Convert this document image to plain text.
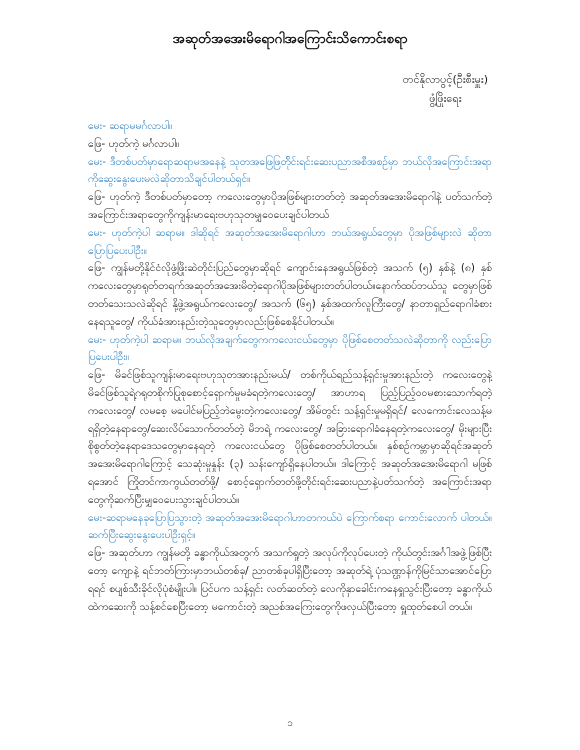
အဆုတ်အအေးမိရောဂါအကြောင်းသိကောင်းစရာ
တင်နိုလာပွင့်(ဦးစီးမှူး)
ဖွံ့ဖြိုးရေး

မေး- ဆရာမမင်္ဂလာပါ။

ဖြေ- ဟုတ်ကဲ့ မင်္ဂလာပါ။

မေး- ဒီတစ်ပတ်မှာရောဆရာမအနေနဲ့ သုတအဖြေဖြတ်ိုင်းရင်းဆေးပညာအစီအစဉ်မှာ ဘယ်လိုအကြောင်းအရာကိုဆွေးနွေးပေးမလဲဆိုတာသိချင်ပါတယ်ရှင်။

ဖြေ- ဟုတ်ကဲ့ ဒီတစ်ပတ်မှာတော့ ကလေးတွေမှာပိုအဖြစ်များတတ်တဲ့ အဆုတ်အအေးမိရောဂါနဲ့ ပတ်သက်တဲ့ အကြောင်းအရာတွေကိုကျန်းမာရေးဗဟုသုတမျှဝေပေးချင်ပါတယ်

မေး- ဟုတ်ကဲ့ပါ ဆရာမ။ ဒါဆိုရင် အဆုတ်အအေးမိရောဂါဟာ ဘယ်အရွယ်တွေမှာ ပိုအဖြစ်များလဲ ဆိုတာပြောပြပေးပါဦး။

ဖြေ- ကျွန်မတို့နိုင်ငံလိုဖွံ့ဖြိုးဆဲတိုင်းပြည်တွေမှာဆိုရင် ကျောင်းနေအရွယ်ဖြစ်တဲ့ အသက် (၅) နှစ်နဲ့ (၈) နှစ်ကလေးတွေမှာရုတ်တရက်အဆုတ်အအေးမိတဲ့ရောဂါပိုအဖြစ်များတတ်ပါတယ်။နောက်ထပ်ဘယ်သူ တွေမှာဖြစ်တတ်သေးသလဲဆိုရင် နို့ဖွဲ့အရွယ်ကလေးတွေ/ အသက် (၆၅) နှစ်အထက်လူကြီးတွေ/ နာတာရှည်ရောဂါခံစားနေရသူတွေ/ ကိုယ်ခံအားနည်းတဲ့သူတွေမှာလည်းဖြစ်စေနိုင်ပါတယ်။

မေး- ဟုတ်ကဲ့ပါ ဆရာမ။ ဘယ်လိုအချက်တွေကကလေးငယ်တွေမှာ ပိုဖြစ်စေတတ်သလဲဆိုတာကို လည်းပြောပြပေးပါဦး။

ဖြေ- မိခင်ဖြစ်သူကျန်းမာရေးဗဟုသုတအားနည်းမယ်/ တစ်ကိုယ်ရည်သန့်ရှင်းမှုအားနည်းတဲ့ ကလေးတွေနဲ့ မိခင်ဖြစ်သူရဲ့ဂရုတစိုက်ပြုစုစောင့်ရှောက်မှုမခံရတဲ့ကလေးတွေ/ အာဟာရ ပြည့်ပြည့်ဝဝမစားသောက်ရတဲ့ ကလေးတွေ/ လမစေ့ မပေါင်မပြည့်ဘဲမွေးတဲ့ကလေးတွေ/ အိမ်တွင်း သန့်ရှင်းမှုမရှိရင်/ လေကောင်းလေသန့်မရရှိတဲ့နေရာတွေ/ဆေးလိပ်သောက်တတ်တဲ့ မိဘရဲ့ ကလေးတွေ/ အခြားရောဂါခံနေရတဲ့ကလေးတွေ/ မိုးများပြီးစိုစွတ်တဲ့နေရာဒေသတွေမှာနေရတဲ့ ကလေးငယ်တွေ ပိုဖြစ်စေတတ်ပါတယ်။ နှစ်စဉ်ကမ္ဘာမှာဆိုရင်အဆုတ်အအေးမိရောဂါကြောင့် သေဆုံးမှုနှုန်း (၃) သန်းကျော်ရှိနေပါတယ်။ ဒါကြောင့် အဆုတ်အအေးမိရောဂါ မဖြစ်ရအောင် ကြိုတင်ကာကွယ်တတ်ဖို့/ စောင့်ရှောက်တတ်ဖို့တိုင်းရင်းဆေးပညာနဲ့ပတ်သက်တဲ့ အကြောင်းအရာတွေကိုဆက်ပြီးမျှဝေပေးသွားချင်ပါတယ်။

မေး-ဆရာမနေခုပြောပြသွားတဲ့ အဆုတ်အအေးမိရောဂါဟာတကယ်ပဲ ကြောက်စရာ ကောင်းလောက် ပါတယ်။ ဆက်ပြီးဆွေးနွေးပေးပါဦးရှင့်။

ဖြေ- အဆုတ်ဟာ ကျွန်မတို့ ခန္ဓာကိုယ်အတွက် အသက်ရှုတဲ့ အလုပ်ကိုလုပ်ပေးတဲ့ ကိုယ်တွင်းအင်္ဂါအဖွဲ့ဖြစ်ပြီးတော့ ကျောနဲ့ ရင်ဘတ်ကြားမှာဘယ်တစ်ခု/ ညာတစ်ခုပါရှိပြီးတော့ အဆုတ်ရဲ့ ပုံသဏ္ဌာန်ကိုမြင်သာအောင်ပြောရရင် စပျစ်သီးခိုင်လိုပုံစံမျိုးပါ။ ပြင်ပက သန့်ရှင်း လတ်ဆတ်တဲ့ လေကိုနှာခေါင်းကနေရှူသွင်းပြီးတော့ ခန္ဓာကိုယ်ထဲကဆေးကို သန့်စင်စေပြီးတော့ မကောင်းတဲ့ အညစ်အကြေးတွေကိုဖလှယ်ပြီးတော့ ရှူထုတ်စေပါ တယ်။

၁
